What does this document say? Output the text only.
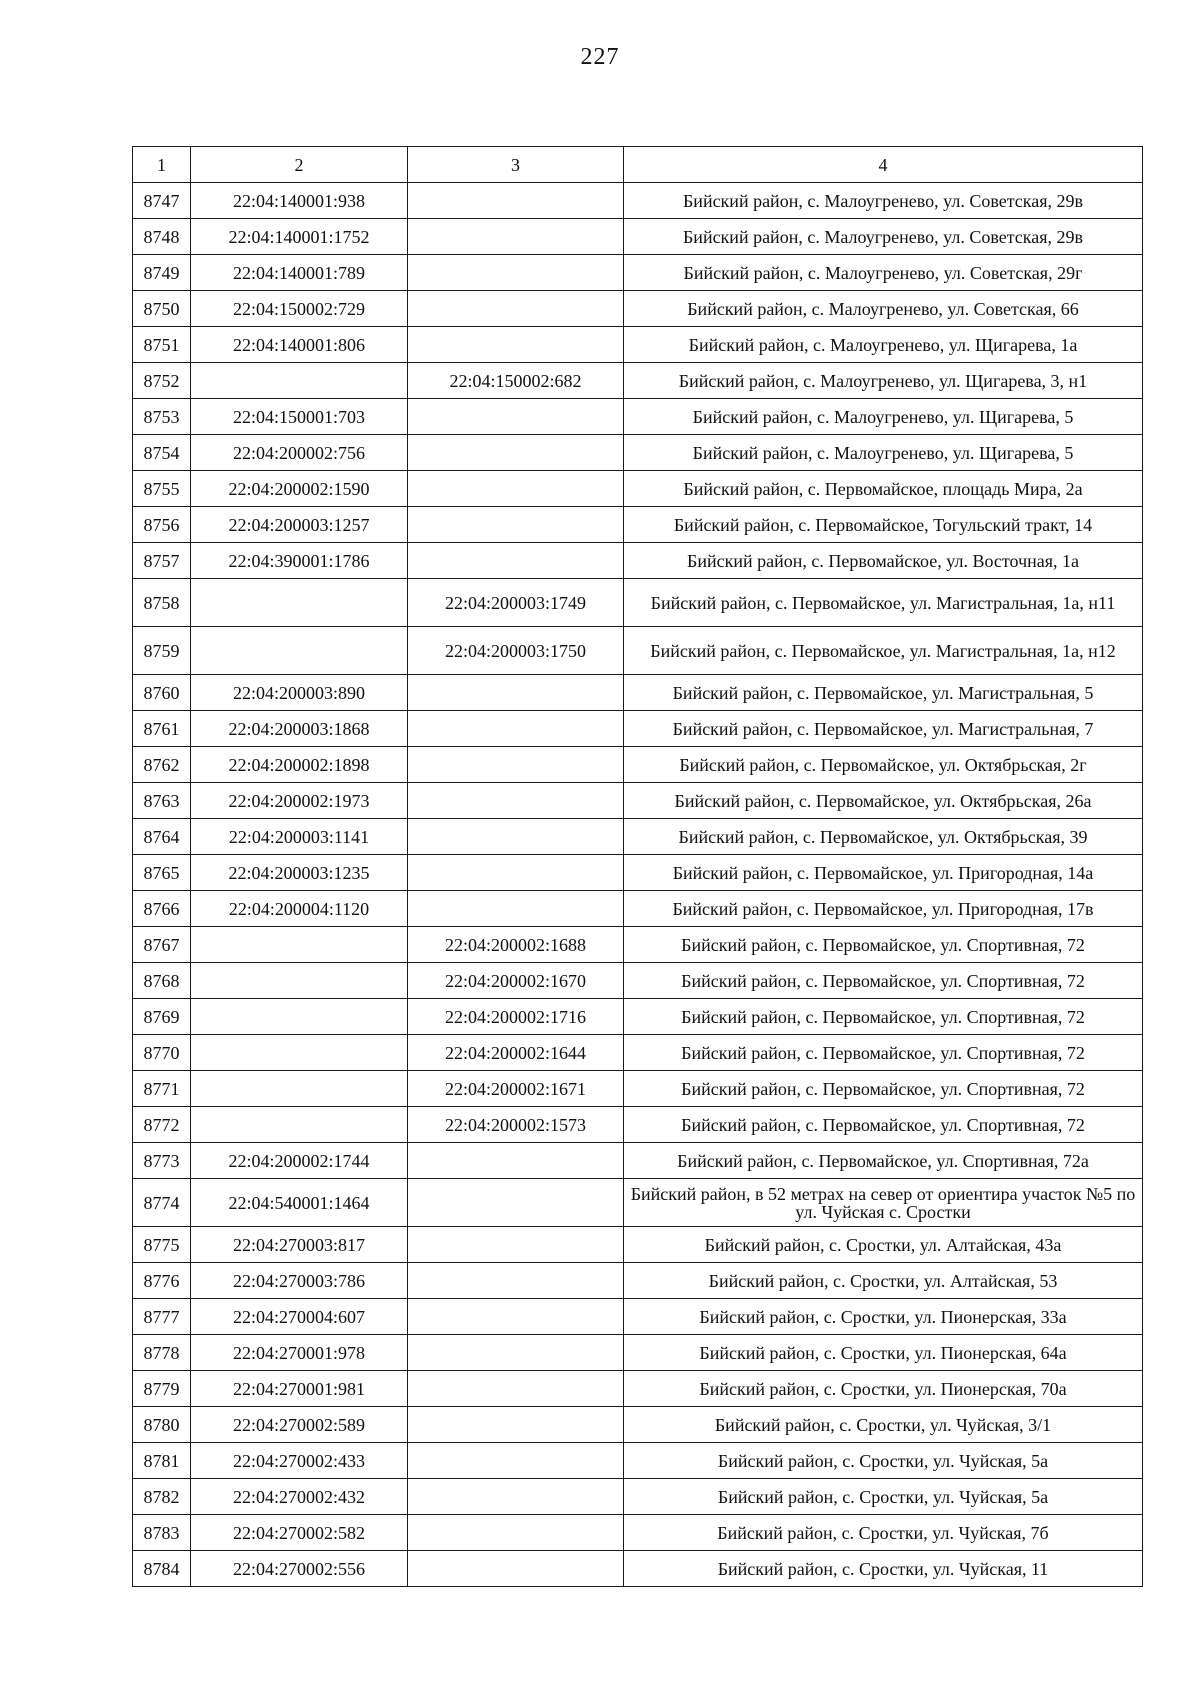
227
1	2	3	4
8747	22:04:140001:938		Бийский район, с. Малоугренево, ул. Советская, 29в
8748	22:04:140001:1752		Бийский район, с. Малоугренево, ул. Советская, 29в
8749	22:04:140001:789		Бийский район, с. Малоугренево, ул. Советская, 29г
8750	22:04:150002:729		Бийский район, с. Малоугренево, ул. Советская, 66
8751	22:04:140001:806		Бийский район, с. Малоугренево, ул. Щигарева, 1а
8752		22:04:150002:682	Бийский район, с. Малоугренево, ул. Щигарева, 3, н1
8753	22:04:150001:703		Бийский район, с. Малоугренево, ул. Щигарева, 5
8754	22:04:200002:756		Бийский район, с. Малоугренево, ул. Щигарева, 5
8755	22:04:200002:1590		Бийский район, с. Первомайское, площадь Мира, 2а
8756	22:04:200003:1257		Бийский район, с. Первомайское, Тогульский тракт, 14
8757	22:04:390001:1786		Бийский район, с. Первомайское, ул. Восточная, 1а
8758		22:04:200003:1749	Бийский район, с. Первомайское, ул. Магистральная, 1а, н11
8759		22:04:200003:1750	Бийский район, с. Первомайское, ул. Магистральная, 1а, н12
8760	22:04:200003:890		Бийский район, с. Первомайское, ул. Магистральная, 5
8761	22:04:200003:1868		Бийский район, с. Первомайское, ул. Магистральная, 7
8762	22:04:200002:1898		Бийский район, с. Первомайское, ул. Октябрьская, 2г
8763	22:04:200002:1973		Бийский район, с. Первомайское, ул. Октябрьская, 26а
8764	22:04:200003:1141		Бийский район, с. Первомайское, ул. Октябрьская, 39
8765	22:04:200003:1235		Бийский район, с. Первомайское, ул. Пригородная, 14а
8766	22:04:200004:1120		Бийский район, с. Первомайское, ул. Пригородная, 17в
8767		22:04:200002:1688	Бийский район, с. Первомайское, ул. Спортивная, 72
8768		22:04:200002:1670	Бийский район, с. Первомайское, ул. Спортивная, 72
8769		22:04:200002:1716	Бийский район, с. Первомайское, ул. Спортивная, 72
8770		22:04:200002:1644	Бийский район, с. Первомайское, ул. Спортивная, 72
8771		22:04:200002:1671	Бийский район, с. Первомайское, ул. Спортивная, 72
8772		22:04:200002:1573	Бийский район, с. Первомайское, ул. Спортивная, 72
8773	22:04:200002:1744		Бийский район, с. Первомайское, ул. Спортивная, 72а
8774	22:04:540001:1464		Бийский район, в 52 метрах на север от ориентира участок №5 по ул. Чуйская с. Сростки
8775	22:04:270003:817		Бийский район, с. Сростки, ул. Алтайская, 43а
8776	22:04:270003:786		Бийский район, с. Сростки, ул. Алтайская, 53
8777	22:04:270004:607		Бийский район, с. Сростки, ул. Пионерская, 33а
8778	22:04:270001:978		Бийский район, с. Сростки, ул. Пионерская, 64а
8779	22:04:270001:981		Бийский район, с. Сростки, ул. Пионерская, 70а
8780	22:04:270002:589		Бийский район, с. Сростки, ул. Чуйская, 3/1
8781	22:04:270002:433		Бийский район, с. Сростки, ул. Чуйская, 5а
8782	22:04:270002:432		Бийский район, с. Сростки, ул. Чуйская, 5а
8783	22:04:270002:582		Бийский район, с. Сростки, ул. Чуйская, 7б
8784	22:04:270002:556		Бийский район, с. Сростки, ул. Чуйская, 11
